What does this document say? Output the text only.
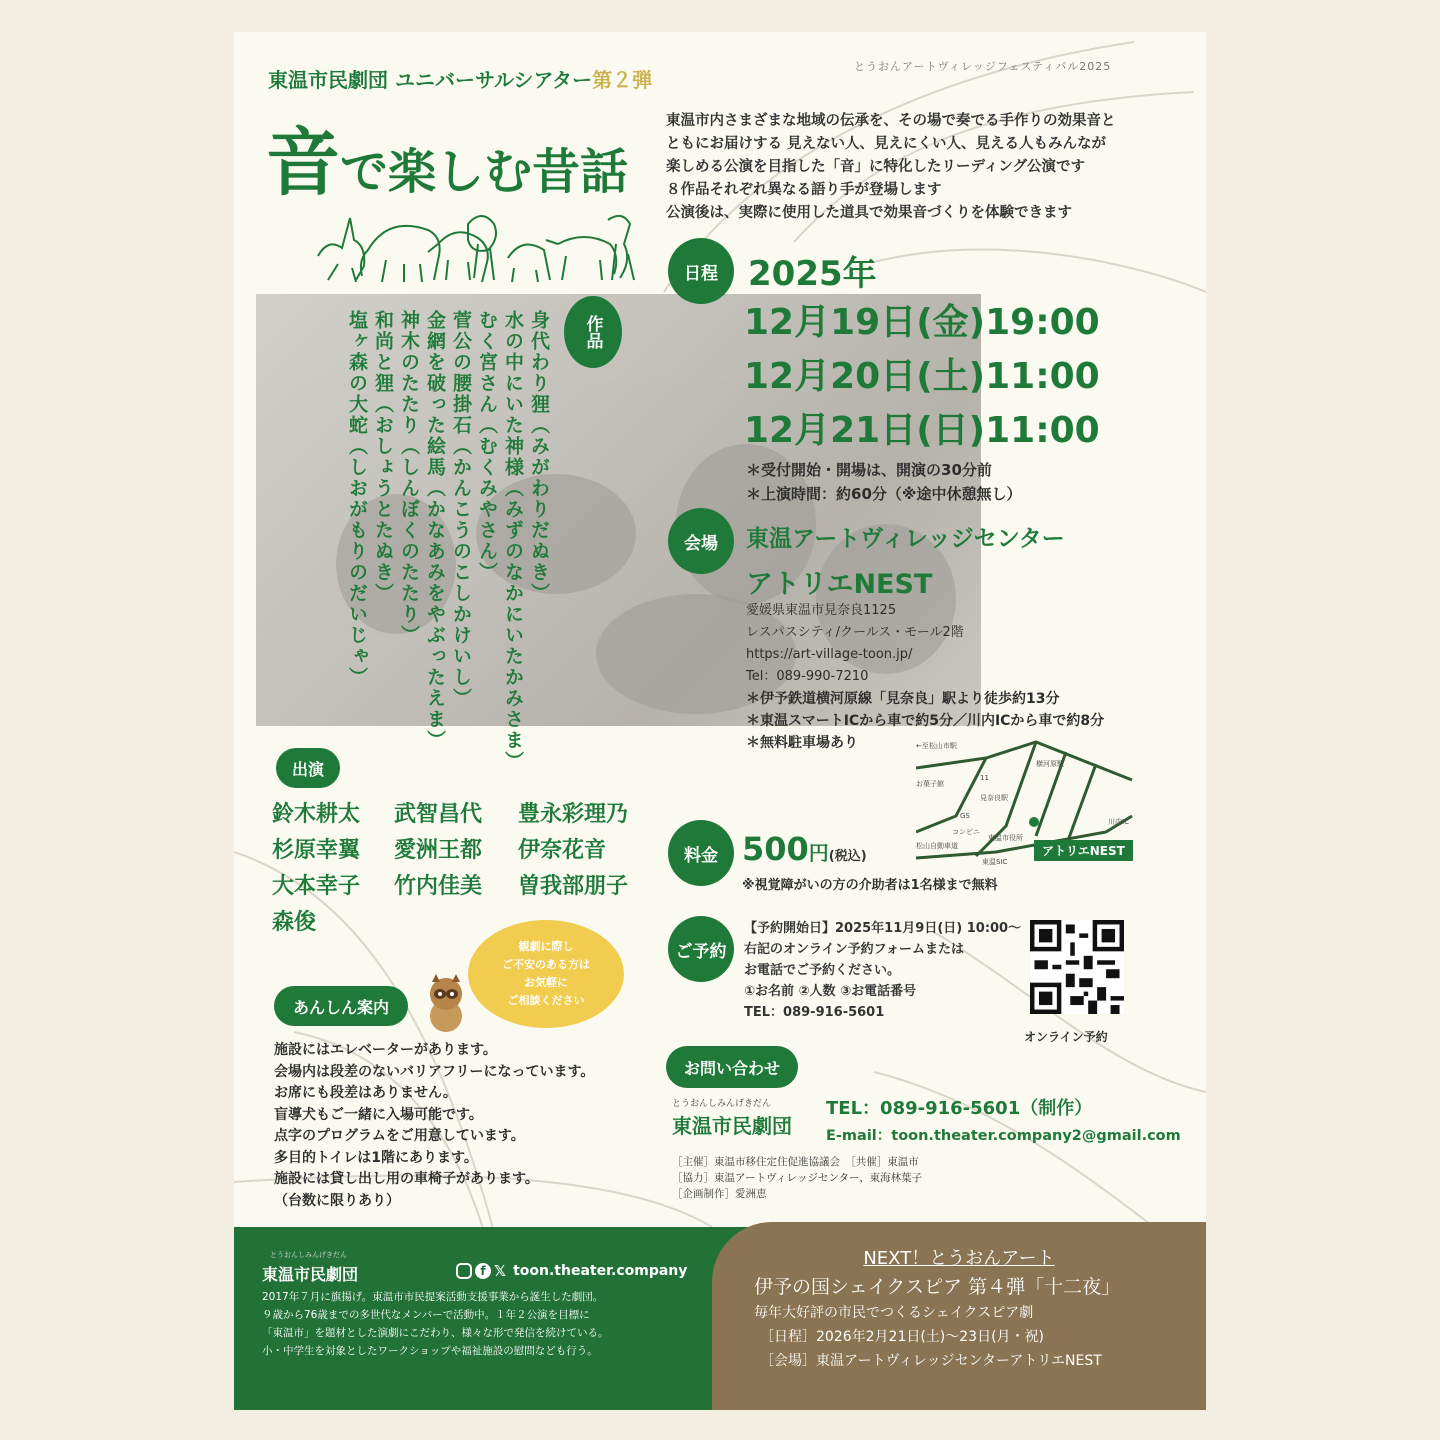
東温市民劇団 ユニバーサルシアター第２弾
とうおんアートヴィレッジフェスティバル2025
音で楽しむ昔話
東温市内さまざまな地域の伝承を、その場で奏でる手作りの効果音と
ともにお届けする 見えない人、見えにくい人、見える人もみんなが
楽しめる公演を目指した「音」に特化したリーディング公演です
８作品それぞれ異なる語り手が登場します
公演後は、実際に使用した道具で効果音づくりを体験できます
作品
身代わり狸（みがわりだぬき）
水の中にいた神様（みずのなかにいたかみさま）
むく宮さん（むくみやさん）
菅公の腰掛石（かんこうのこしかけいし）
金網を破った絵馬（かなあみをやぶったえま）
神木のたたり（しんぼくのたたり）
和尚と狸（おしょうとたぬき）
塩ヶ森の大蛇（しおがもりのだいじゃ）
日程 2025年
12月19日(金)19:00
12月20日(土)11:00
12月21日(日)11:00
＊受付開始・開場は、開演の30分前
＊上演時間：約60分（※途中休憩無し）
会場	東温アートヴィレッジセンター
アトリエNEST
愛媛県東温市見奈良1125
レスパスシティ/クールス・モール2階
https://art-village-toon.jp/
Tel：089-990-7210
＊伊予鉄道横河原線「見奈良」駅より徒歩約13分
＊東温スマートICから車で約5分／川内ICから車で約8分
＊無料駐車場あり	←至松山市駅
横河原駅
見奈良駅
お菓子館
GS
コンビニ
東温市役所
松山自動車道
東温SIC
川内IC
11
アトリエNEST
出演
鈴木耕太	武智昌代	豊永彩理乃
杉原幸翼	愛洲王都	伊奈花音
大本幸子	竹内佳美	曽我部朋子
森俊
料金 500円(税込)
※視覚障がいの方の介助者は1名様まで無料
ご予約
【予約開始日】2025年11月9日(日) 10:00～
右記のオンライン予約フォームまたは
お電話でご予約ください。
①お名前 ②人数 ③お電話番号
TEL：089-916-5601
オンライン予約
観劇に際し
ご不安のある方は
お気軽に
ご相談ください
あんしん案内
施設にはエレベーターがあります。
会場内は段差のないバリアフリーになっています。
お席にも段差はありません。
盲導犬もご一緒に入場可能です。
点字のプログラムをご用意しています。
多目的トイレは1階にあります。
施設には貸し出し用の車椅子があります。
（台数に限りあり）
お問い合わせ
とうおんしみんげきだん
東温市民劇団
TEL：089-916-5601（制作）
E-mail：toon.theater.company2@gmail.com
［主催］東温市移住定住促進協議会　［共催］東温市
［協力］東温アートヴィレッジセンター、東海林葉子
［企画制作］愛洲恵
とうおんしみんげきだん
東温市民劇団	f 𝕏 toon.theater.company
2017年７月に旗揚げ。東温市市民提案活動支援事業から誕生した劇団。
９歳から76歳までの多世代なメンバーで活動中。１年２公演を目標に
「東温市」を題材とした演劇にこだわり、様々な形で発信を続けている。
小・中学生を対象としたワークショップや福祉施設の慰問なども行う。
NEXT！とうおんアート
伊予の国シェイクスピア 第４弾「十二夜」
毎年大好評の市民でつくるシェイクスピア劇
［日程］2026年2月21日(土)～23日(月・祝)
［会場］東温アートヴィレッジセンターアトリエNEST
